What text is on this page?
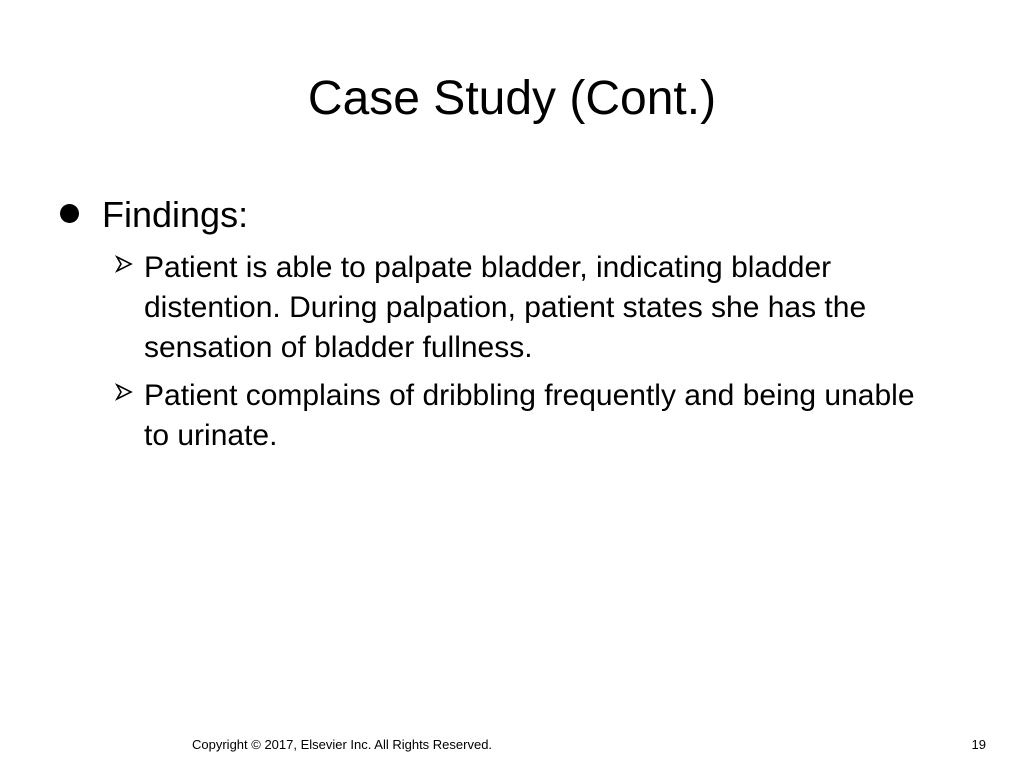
Case Study (Cont.)
Findings:
Patient is able to palpate bladder, indicating bladder distention. During palpation, patient states she has the sensation of bladder fullness.
Patient complains of dribbling frequently and being unable to urinate.
Copyright © 2017, Elsevier Inc. All Rights Reserved.	19
